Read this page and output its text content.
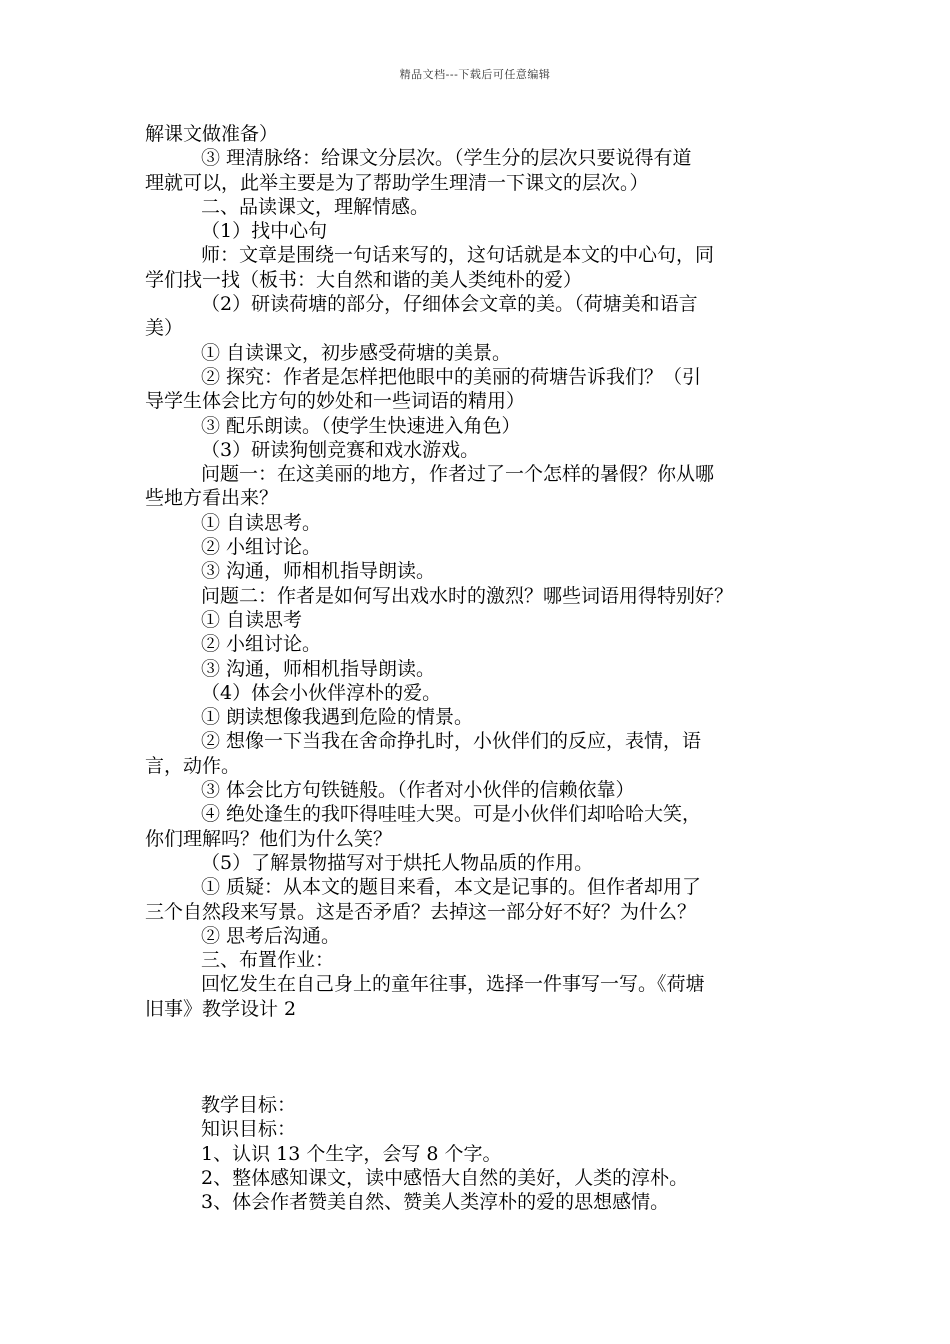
精品文档---下载后可任意编辑
解课文做准备）
③ 理清脉络：给课文分层次。（学生分的层次只要说得有道
理就可以，此举主要是为了帮助学生理清一下课文的层次。）
二、品读课文，理解情感。
（1）找中心句
师：文章是围绕一句话来写的，这句话就是本文的中心句，同
学们找一找（板书：大自然和谐的美人类纯朴的爱）
（2）研读荷塘的部分，仔细体会文章的美。（荷塘美和语言
美）
① 自读课文，初步感受荷塘的美景。
② 探究：作者是怎样把他眼中的美丽的荷塘告诉我们？（引
导学生体会比方句的妙处和一些词语的精用）
③ 配乐朗读。（使学生快速进入角色）
（3）研读狗刨竞赛和戏水游戏。
问题一：在这美丽的地方，作者过了一个怎样的暑假？你从哪
些地方看出来？
① 自读思考。
② 小组讨论。
③ 沟通，师相机指导朗读。
问题二：作者是如何写出戏水时的激烈？哪些词语用得特别好？
① 自读思考
② 小组讨论。
③ 沟通，师相机指导朗读。
（4）体会小伙伴淳朴的爱。
① 朗读想像我遇到危险的情景。
② 想像一下当我在舍命挣扎时，小伙伴们的反应，表情，语
言，动作。
③ 体会比方句铁链般。（作者对小伙伴的信赖依靠）
④ 绝处逢生的我吓得哇哇大哭。可是小伙伴们却哈哈大笑，
你们理解吗？他们为什么笑？
（5）了解景物描写对于烘托人物品质的作用。
① 质疑：从本文的题目来看，本文是记事的。但作者却用了
三个自然段来写景。这是否矛盾？去掉这一部分好不好？为什么？
② 思考后沟通。
三、布置作业：
回忆发生在自己身上的童年往事，选择一件事写一写。《荷塘
旧事》教学设计 2
教学目标：
知识目标：
1、认识 13 个生字，会写 8 个字。
2、整体感知课文，读中感悟大自然的美好，人类的淳朴。
3、体会作者赞美自然、赞美人类淳朴的爱的思想感情。
